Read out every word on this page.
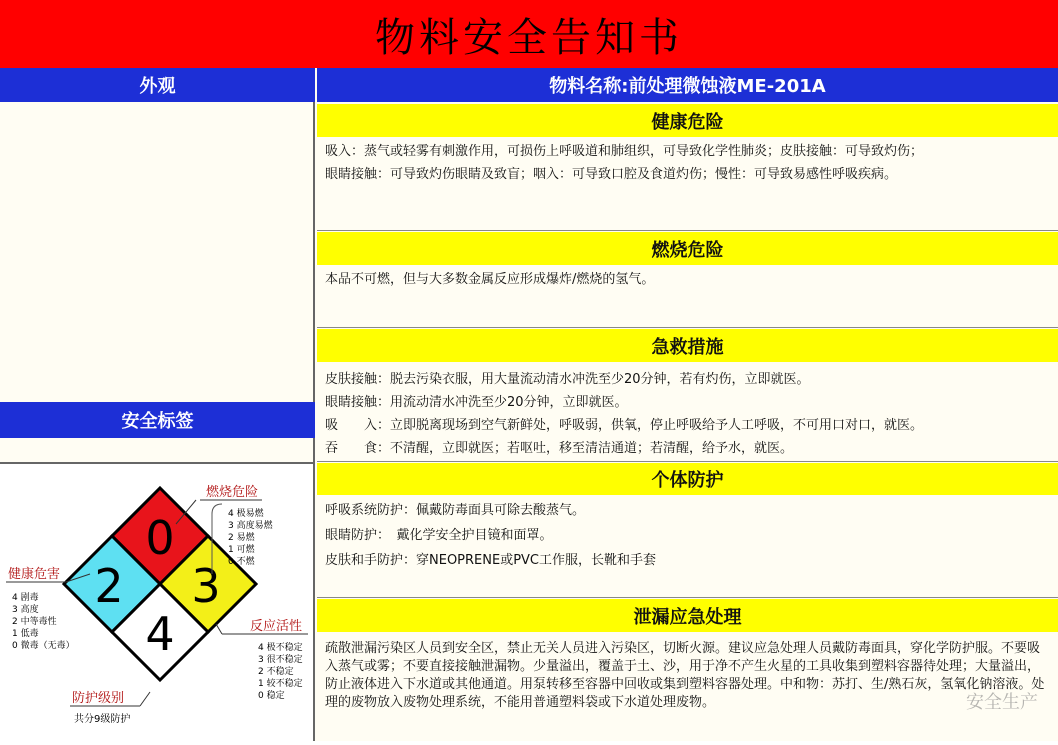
物料安全告知书
外观	物料名称:前处理微蚀液ME-201A
安全标签
0
2 3
4
燃烧危险
4 极易燃
3 高度易燃
2 易燃
1 可燃
0 不燃
健康危害
4 剧毒
3 高度
2 中等毒性
1 低毒
0 微毒（无毒）
反应活性
4 极不稳定
3 很不稳定
2 不稳定
1 较不稳定
0 稳定
防护级别
共分9级防护
健康危险
吸入：蒸气或轻雾有刺激作用，可损伤上呼吸道和肺组织，可导致化学性肺炎；皮肤接触：可导致灼伤；
眼睛接触：可导致灼伤眼睛及致盲；咽入：可导致口腔及食道灼伤；慢性：可导致易感性呼吸疾病。
燃烧危险
本品不可燃，但与大多数金属反应形成爆炸/燃烧的氢气。
急救措施
皮肤接触：脱去污染衣服，用大量流动清水冲洗至少20分钟，若有灼伤，立即就医。
眼睛接触：用流动清水冲洗至少20分钟，立即就医。
吸　　入：立即脱离现场到空气新鲜处，呼吸弱，供氧，停止呼吸给予人工呼吸，不可用口对口，就医。
吞　　食：不清醒，立即就医；若呕吐，移至清洁通道；若清醒，给予水，就医。
个体防护
呼吸系统防护：佩戴防毒面具可除去酸蒸气。
眼睛防护：　戴化学安全护目镜和面罩。
皮肤和手防护：穿NEOPRENE或PVC工作服，长靴和手套
泄漏应急处理
疏散泄漏污染区人员到安全区，禁止无关人员进入污染区，切断火源。建议应急处理人员戴防毒面具，穿化学防护服。不要吸入蒸气或雾；不要直接接触泄漏物。少量溢出，覆盖于土、沙，用于净不产生火星的工具收集到塑料容器待处理；大量溢出，防止液体进入下水道或其他通道。用泵转移至容器中回收或集到塑料容器处理。中和物：苏打、生/熟石灰，氢氧化钠溶液。处理的废物放入废物处理系统，不能用普通塑料袋或下水道处理废物。	安全生产
